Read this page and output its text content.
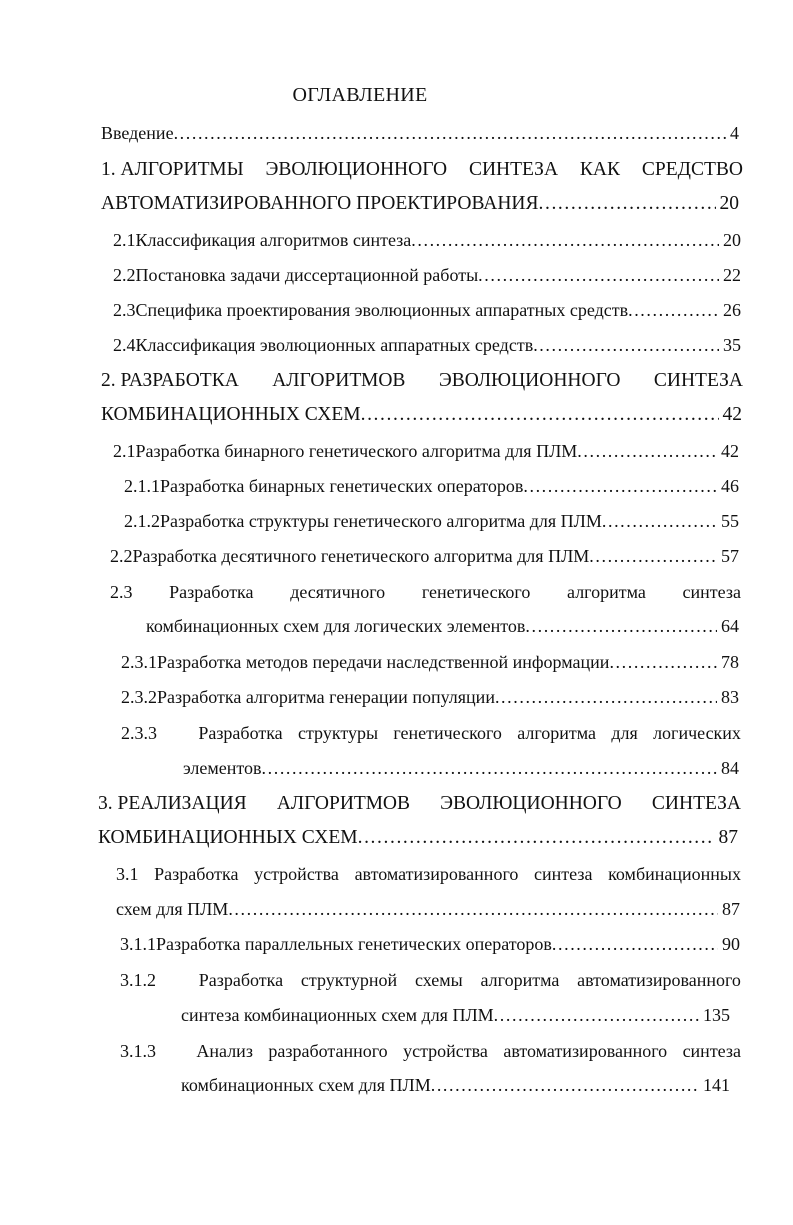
ОГЛАВЛЕНИЕ
Введение .....	4
1. АЛГОРИТМЫ ЭВОЛЮЦИОННОГО СИНТЕЗА КАК СРЕДСТВО
АВТОМАТИЗИРОВАННОГО ПРОЕКТИРОВАНИЯ .....	20
2.1 Классификация алгоритмов синтеза .....	20
2.2 Постановка задачи диссертационной работы .....	22
2.3 Специфика проектирования эволюционных аппаратных средств .....	26
2.4 Классификация эволюционных аппаратных средств .....	35
2. РАЗРАБОТКА АЛГОРИТМОВ ЭВОЛЮЦИОННОГО СИНТЕЗА
КОМБИНАЦИОННЫХ СХЕМ .....	42
2.1 Разработка бинарного генетического алгоритма для ПЛМ .....	42
2.1.1 Разработка бинарных генетических операторов .....	46
2.1.2 Разработка структуры генетического алгоритма для ПЛМ .....	55
2.2 Разработка десятичного генетического алгоритма для ПЛМ .....	57
2.3 Разработка десятичного генетического алгоритма синтеза
комбинационных схем для логических элементов .....	64
2.3.1 Разработка методов передачи наследственной информации .....	78
2.3.2 Разработка алгоритма генерации популяции .....	83
2.3.3	Разработка структуры генетического алгоритма для логических
элементов .....	84
3. РЕАЛИЗАЦИЯ АЛГОРИТМОВ ЭВОЛЮЦИОННОГО СИНТЕЗА
КОМБИНАЦИОННЫХ СХЕМ .....	87
3.1 Разработка устройства автоматизированного синтеза комбинационных
схем для ПЛМ .....	87
3.1.1 Разработка параллельных генетических операторов .....	90
3.1.2	Разработка структурной схемы алгоритма автоматизированного
синтеза комбинационных схем для ПЛМ .....	135
3.1.3	Анализ разработанного устройства автоматизированного синтеза
комбинационных схем для ПЛМ .....	141
